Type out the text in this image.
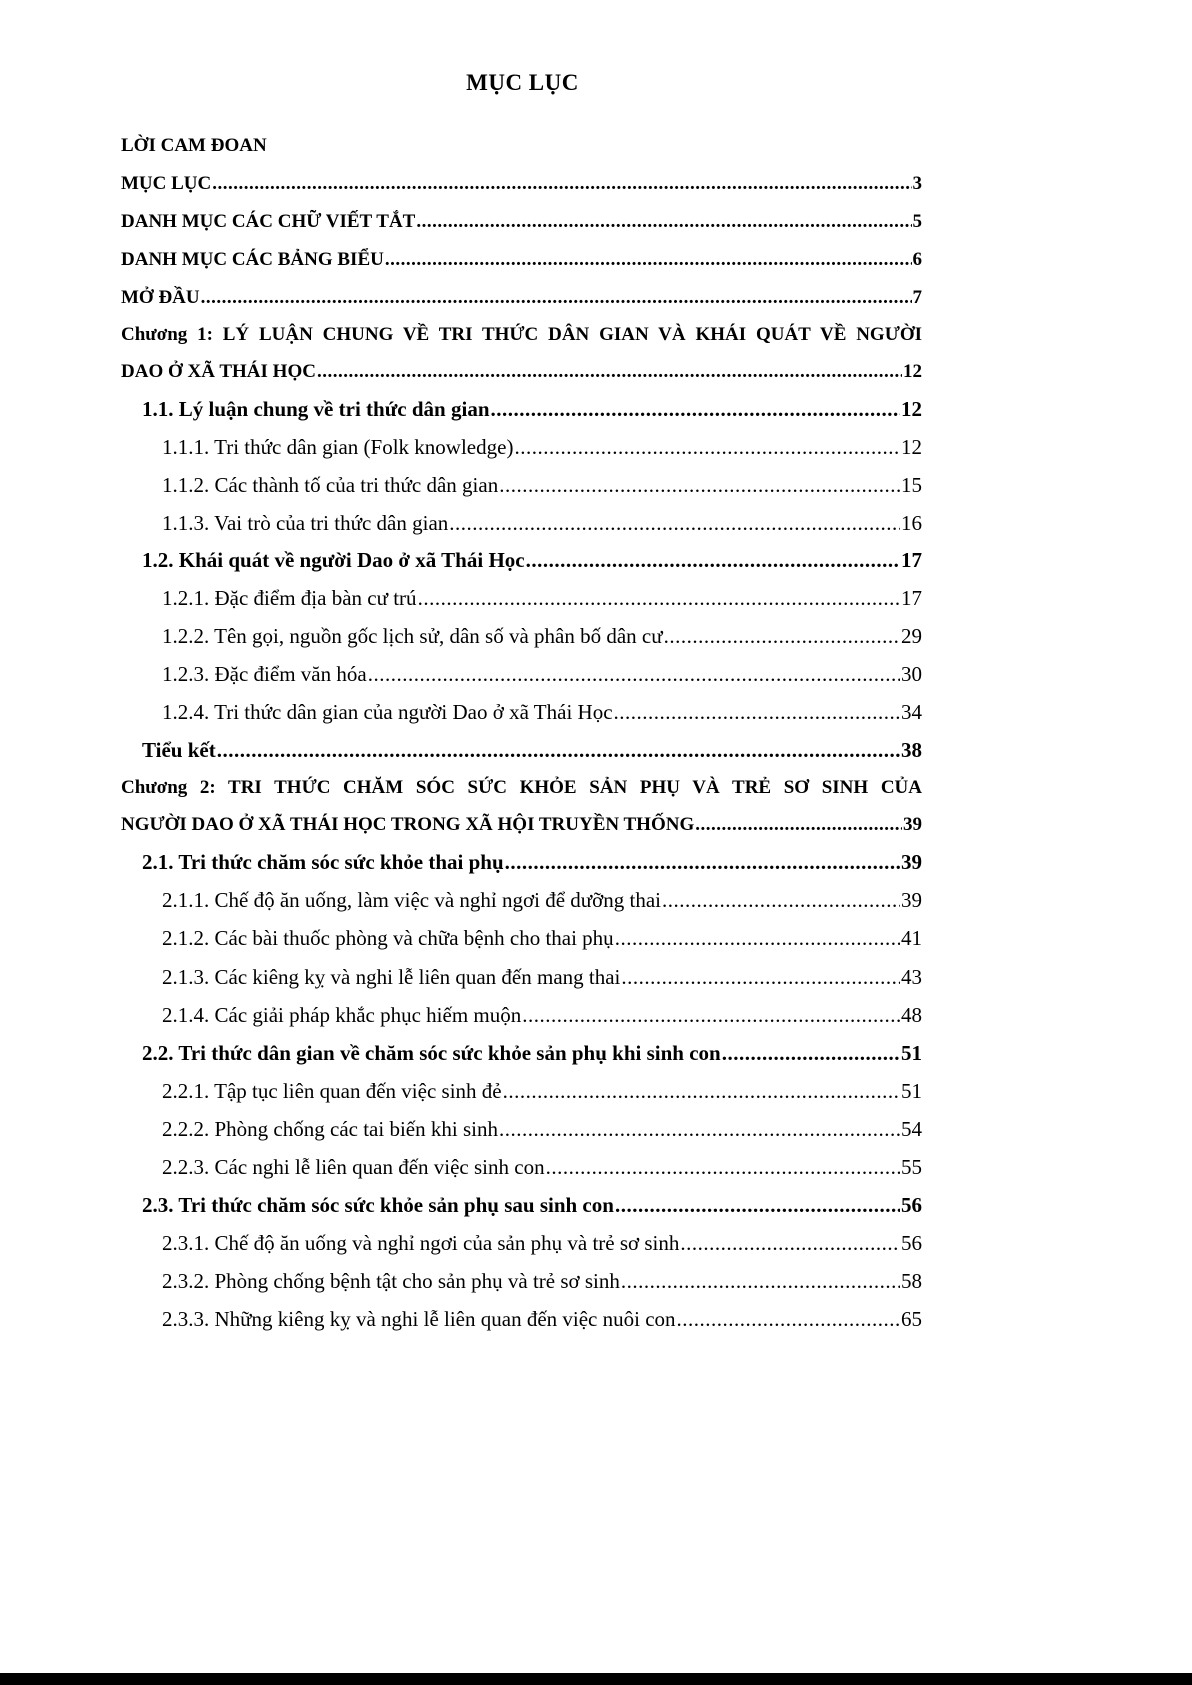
MỤC LỤC
LỜI CAM ĐOAN
MỤC LỤC .....	3
DANH MỤC CÁC CHỮ VIẾT TẮT .....	5
DANH MỤC CÁC BẢNG BIỂU .....	6
MỞ ĐẦU .....	7
Chương 1: LÝ LUẬN CHUNG VỀ TRI THỨC DÂN GIAN VÀ KHÁI QUÁT VỀ NGƯỜI
DAO Ở XÃ THÁI HỌC .....	12
1.1. Lý luận chung về tri thức dân gian .....	12
1.1.1. Tri thức dân gian (Folk knowledge) .....	12
1.1.2. Các thành tố của tri thức dân gian .....	15
1.1.3. Vai trò của tri thức dân gian .....	16
1.2. Khái quát về người Dao ở xã Thái Học .....	17
1.2.1. Đặc điểm địa bàn cư trú .....	17
1.2.2. Tên gọi, nguồn gốc lịch sử, dân số và phân bố dân cư .....	29
1.2.3. Đặc điểm văn hóa .....	30
1.2.4. Tri thức dân gian của người Dao ở xã Thái Học .....	34
Tiểu kết .....	38
Chương 2: TRI THỨC CHĂM SÓC SỨC KHỎE SẢN PHỤ VÀ TRẺ SƠ SINH CỦA
NGƯỜI DAO Ở XÃ THÁI HỌC TRONG XÃ HỘI TRUYỀN THỐNG .....	39
2.1. Tri thức chăm sóc sức khỏe thai phụ .....	39
2.1.1. Chế độ ăn uống, làm việc và nghỉ ngơi để dưỡng thai .....	39
2.1.2. Các bài thuốc phòng và chữa bệnh cho thai phụ .....	41
2.1.3. Các kiêng kỵ và nghi lễ liên quan đến mang thai .....	43
2.1.4. Các giải pháp khắc phục hiếm muộn .....	48
2.2. Tri thức dân gian về chăm sóc sức khỏe sản phụ khi sinh con .....	51
2.2.1. Tập tục liên quan đến việc sinh đẻ .....	51
2.2.2. Phòng chống các tai biến khi sinh .....	54
2.2.3. Các nghi lễ liên quan đến việc sinh con .....	55
2.3. Tri thức chăm sóc sức khỏe sản phụ sau sinh con .....	56
2.3.1. Chế độ ăn uống và nghỉ ngơi của sản phụ và trẻ sơ sinh .....	56
2.3.2. Phòng chống bệnh tật cho sản phụ và trẻ sơ sinh .....	58
2.3.3. Những kiêng kỵ và nghi lễ liên quan đến việc nuôi con .....	65
